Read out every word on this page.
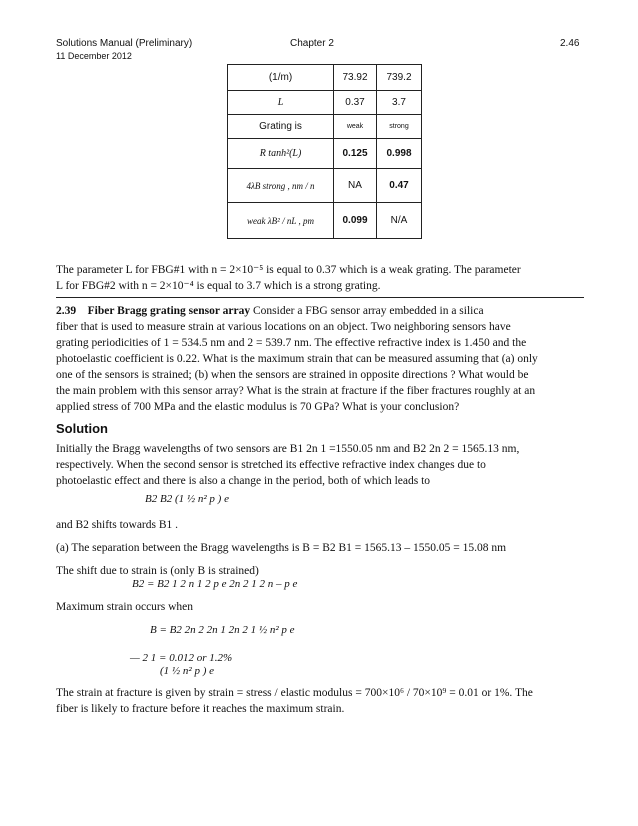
Solutions Manual (Preliminary)	Chapter 2	2.46
11 December 2012
(1/m)	73.92	739.2
L	0.37	3.7
Grating is	weak	strong
R tanh²(L)	0.125	0.998
4λB strong , nm / n	NA	0.47
weak λB² / nL , pm	0.099	N/A

The parameter L for FBG#1 with n = 2×10⁻⁵ is equal to 0.37 which is a weak grating. The parameter

L for FBG#2 with n = 2×10⁻⁴ is equal to 3.7 which is a strong grating.

2.39 Fiber Bragg grating sensor array Consider a FBG sensor array embedded in a silica

fiber that is used to measure strain at various locations on an object. Two neighboring sensors have

grating periodicities of 1 = 534.5 nm and 2 = 539.7 nm. The effective refractive index is 1.450 and the

photoelastic coefficient is 0.22. What is the maximum strain that can be measured assuming that (a) only

one of the sensors is strained; (b) when the sensors are strained in opposite directions ? What would be

the main problem with this sensor array? What is the strain at fracture if the fiber fractures roughly at an

applied stress of 700 MPa and the elastic modulus is 70 GPa? What is your conclusion?

Solution

Initially the Bragg wavelengths of two sensors are B1 2n 1 =1550.05 nm and B2 2n 2 = 1565.13 nm,

respectively. When the second sensor is stretched its effective refractive index changes due to

photoelastic effect and there is also a change in the period, both of which leads to

B2 B2 (1 ½ n² p ) e
and B2 shifts towards B1 .
(a) The separation between the Bragg wavelengths is B = B2 B1 = 1565.13 – 1550.05 = 15.08 nm
The shift due to strain is (only B is strained)
B2 = B2 1 2 n 1 2 p e 2n 2 1 2 n – p e
Maximum strain occurs when
B = B2 2n 2 2n 1 2n 2 1 ½ n² p e
— 2 1 = 0.012 or 1.2%
(1 ½ n² p ) e

The strain at fracture is given by strain = stress / elastic modulus = 700×10⁶ / 70×10⁹ = 0.01 or 1%. The

fiber is likely to fracture before it reaches the maximum strain.
